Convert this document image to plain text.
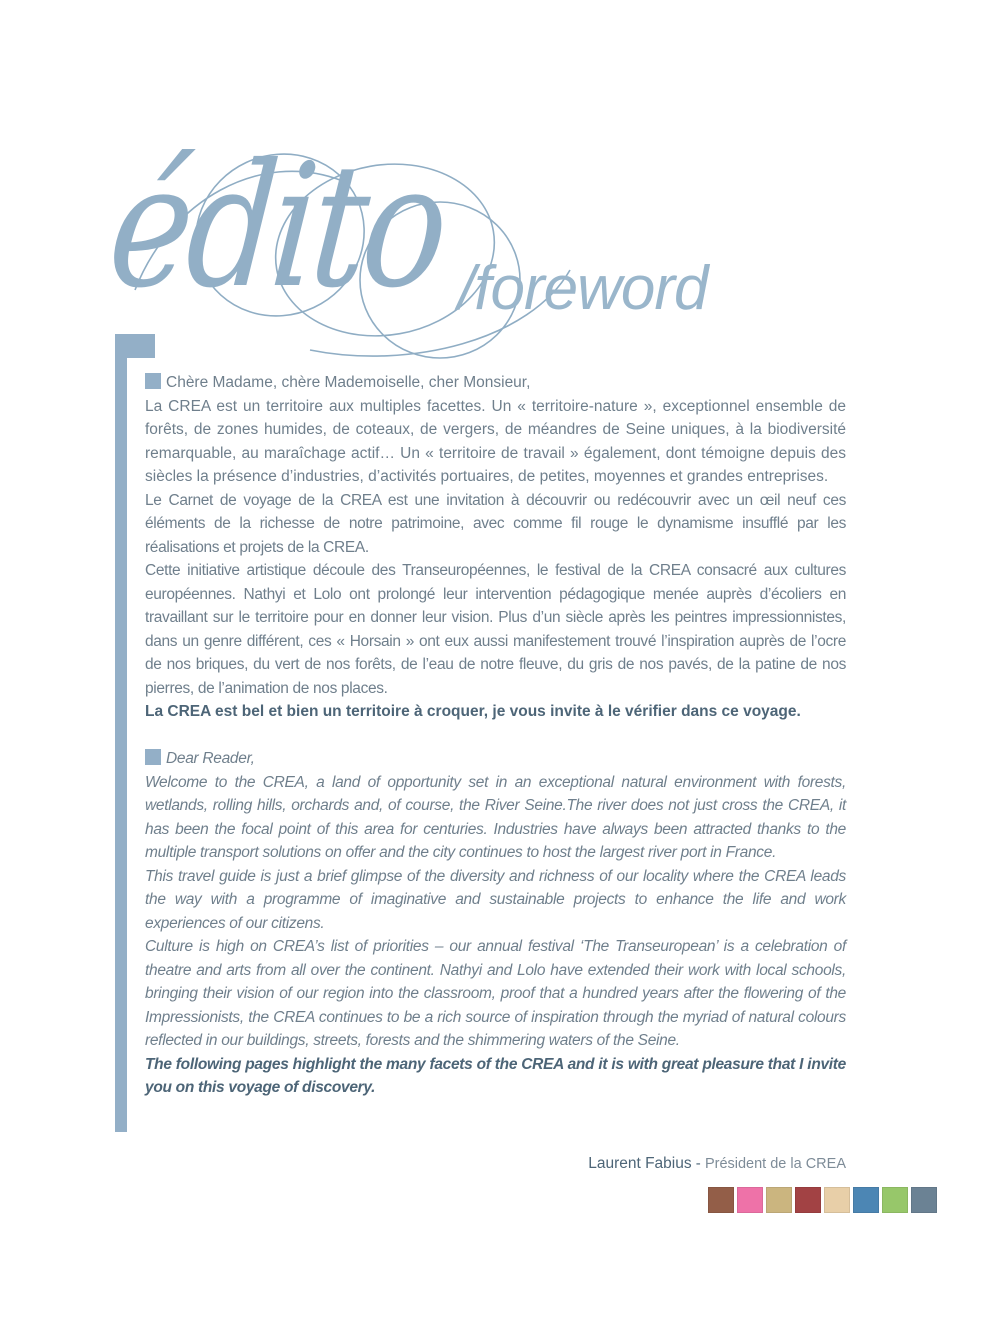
édito /foreword

Chère Madame, chère Mademoiselle, cher Monsieur,

La CREA est un territoire aux multiples facettes. Un « territoire-nature », exceptionnel ensemble de forêts, de zones humides, de coteaux, de vergers, de méandres de Seine uniques, à la biodiversité remarquable, au maraîchage actif… Un « territoire de travail » également, dont témoigne depuis des siècles la présence d’industries, d’activités portuaires, de petites, moyennes et grandes entreprises.

Le Carnet de voyage de la CREA est une invitation à découvrir ou redécouvrir avec un œil neuf ces éléments de la richesse de notre patrimoine, avec comme fil rouge le dynamisme insufflé par les réalisations et projets de la CREA.

Cette initiative artistique découle des Transeuropéennes, le festival de la CREA consacré aux cultures européennes. Nathyi et Lolo ont prolongé leur intervention pédagogique menée auprès d’écoliers en travaillant sur le territoire pour en donner leur vision. Plus d’un siècle après les peintres impressionnistes, dans un genre différent, ces « Horsain » ont eux aussi manifestement trouvé l’inspiration auprès de l’ocre de nos briques, du vert de nos forêts, de l’eau de notre fleuve, du gris de nos pavés, de la patine de nos pierres, de l’animation de nos places.

La CREA est bel et bien un territoire à croquer, je vous invite à le vérifier dans ce voyage.

Dear Reader,

Welcome to the CREA, a land of opportunity set in an exceptional natural environment with forests, wetlands, rolling hills, orchards and, of course, the River Seine.The river does not just cross the CREA, it has been the focal point of this area for centuries. Industries have always been attracted thanks to the multiple transport solutions on offer and the city continues to host the largest river port in France.

This travel guide is just a brief glimpse of the diversity and richness of our locality where the CREA leads the way with a programme of imaginative and sustainable projects to enhance the life and work experiences of our citizens.

Culture is high on CREA’s list of priorities – our annual festival ‘The Transeuropean’ is a celebration of theatre and arts from all over the continent. Nathyi and Lolo have extended their work with local schools, bringing their vision of our region into the classroom, proof that a hundred years after the flowering of the Impressionists, the CREA continues to be a rich source of inspiration through the myriad of natural colours reflected in our buildings, streets, forests and the shimmering waters of the Seine.

The following pages highlight the many facets of the CREA and it is with great pleasure that I invite you on this voyage of discovery.

Laurent Fabius - Président de la CREA
